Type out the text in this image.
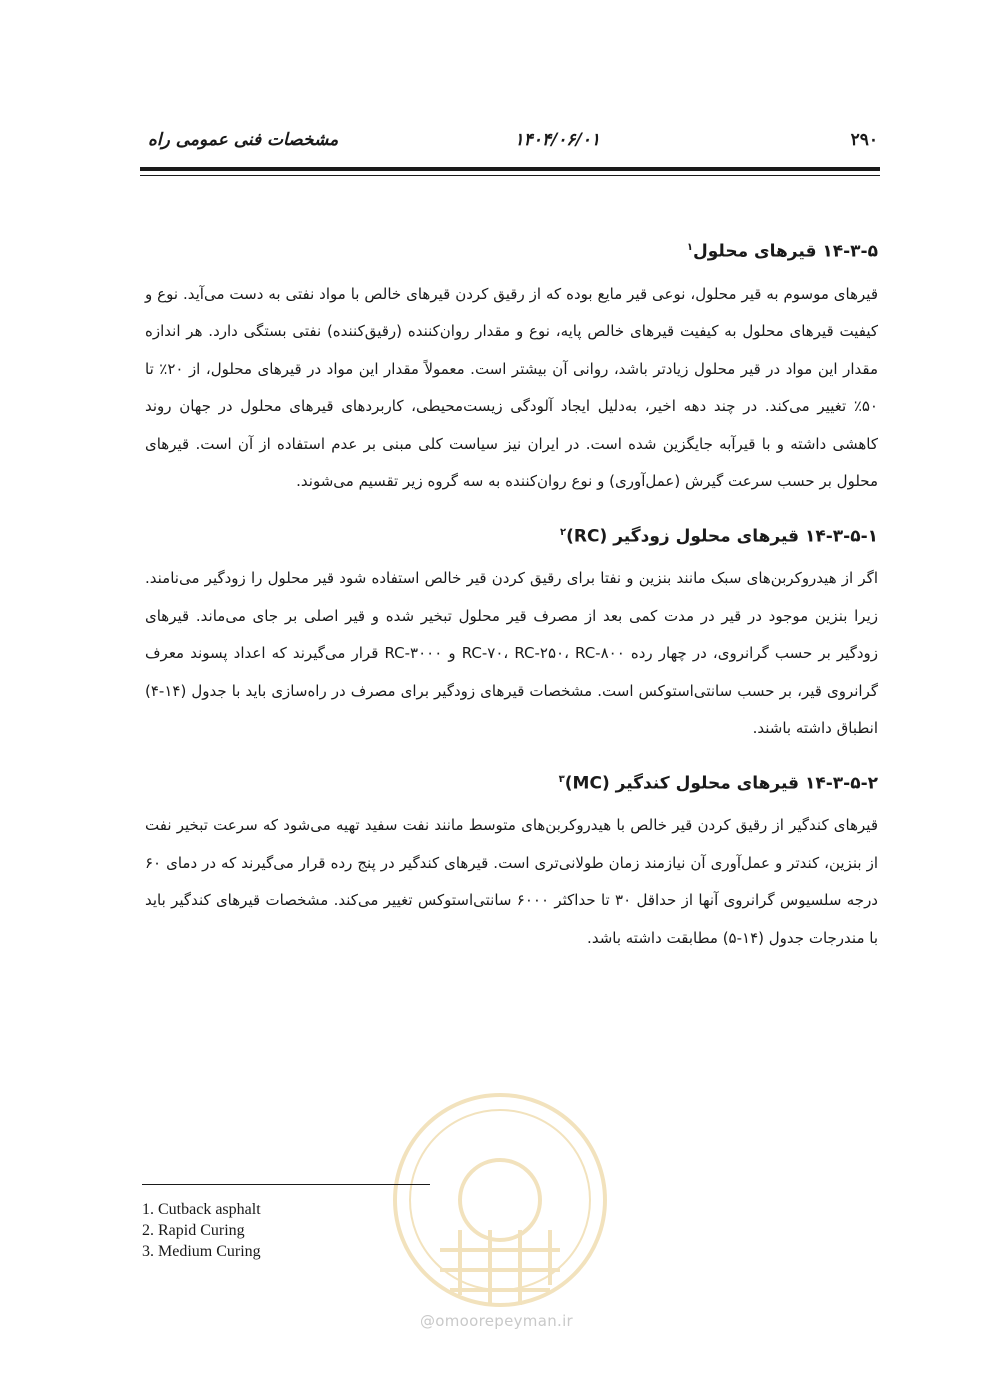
۲۹۰
۱۴۰۴/۰۶/۰۱
مشخصات فنی عمومی راه
۱۴-۳-۵ قیرهای محلول$^۱$

قیرهای موسوم به قیر محلول، نوعی قیر مایع بوده که از رقیق کردن قیرهای خالص با مواد نفتی به دست می‌آید. نوع و کیفیت قیرهای محلول به کیفیت قیرهای خالص پایه، نوع و مقدار روان‌کننده (رقیق‌کننده) نفتی بستگی دارد. هر اندازه مقدار این مواد در قیر محلول زیادتر باشد، روانی آن بیشتر است. معمولاً مقدار این مواد در قیرهای محلول، از ۲۰٪ تا ۵۰٪ تغییر می‌کند. در چند دهه اخیر، به‌دلیل ایجاد آلودگی زیست‌محیطی، کاربردهای قیرهای محلول در جهان روند کاهشی داشته و با قیرآبه جایگزین شده است. در ایران نیز سیاست کلی مبنی بر عدم استفاده از آن است. قیرهای محلول بر حسب سرعت گیرش (عمل‌آوری) و نوع روان‌کننده به سه گروه زیر تقسیم می‌شوند.

۱۴-۳-۵-۱ قیرهای محلول زودگیر (RC)$^۲$

اگر از هیدروکربن‌های سبک مانند بنزین و نفتا برای رقیق کردن قیر خالص استفاده شود قیر محلول را زودگیر می‌نامند. زیرا بنزین موجود در قیر در مدت کمی بعد از مصرف قیر محلول تبخیر شده و قیر اصلی بر جای می‌ماند. قیرهای زودگیر بر حسب گرانروی، در چهار رده RC-۷۰، RC-۲۵۰، RC-۸۰۰ و RC-۳۰۰۰ قرار می‌گیرند که اعداد پسوند معرف گرانروی قیر، بر حسب سانتی‌استوکس است. مشخصات قیرهای زودگیر برای مصرف در راه‌سازی باید با جدول (۱۴-۴) انطباق داشته باشند.

۱۴-۳-۵-۲ قیرهای محلول کندگیر (MC)$^۳$

قیرهای کندگیر از رقیق کردن قیر خالص با هیدروکربن‌های متوسط مانند نفت سفید تهیه می‌شود که سرعت تبخیر نفت از بنزین، کندتر و عمل‌آوری آن نیازمند زمان طولانی‌تری است. قیرهای کندگیر در پنج رده قرار می‌گیرند که در دمای ۶۰ درجه سلسیوس گرانروی آنها از حداقل ۳۰ تا حداکثر ۶۰۰۰ سانتی‌استوکس تغییر می‌کند. مشخصات قیرهای کندگیر باید با مندرجات جدول (۱۴-۵) مطابقت داشته باشد.

@omoorepeyman.ir
1. Cutback asphalt
2. Rapid Curing
3. Medium Curing
